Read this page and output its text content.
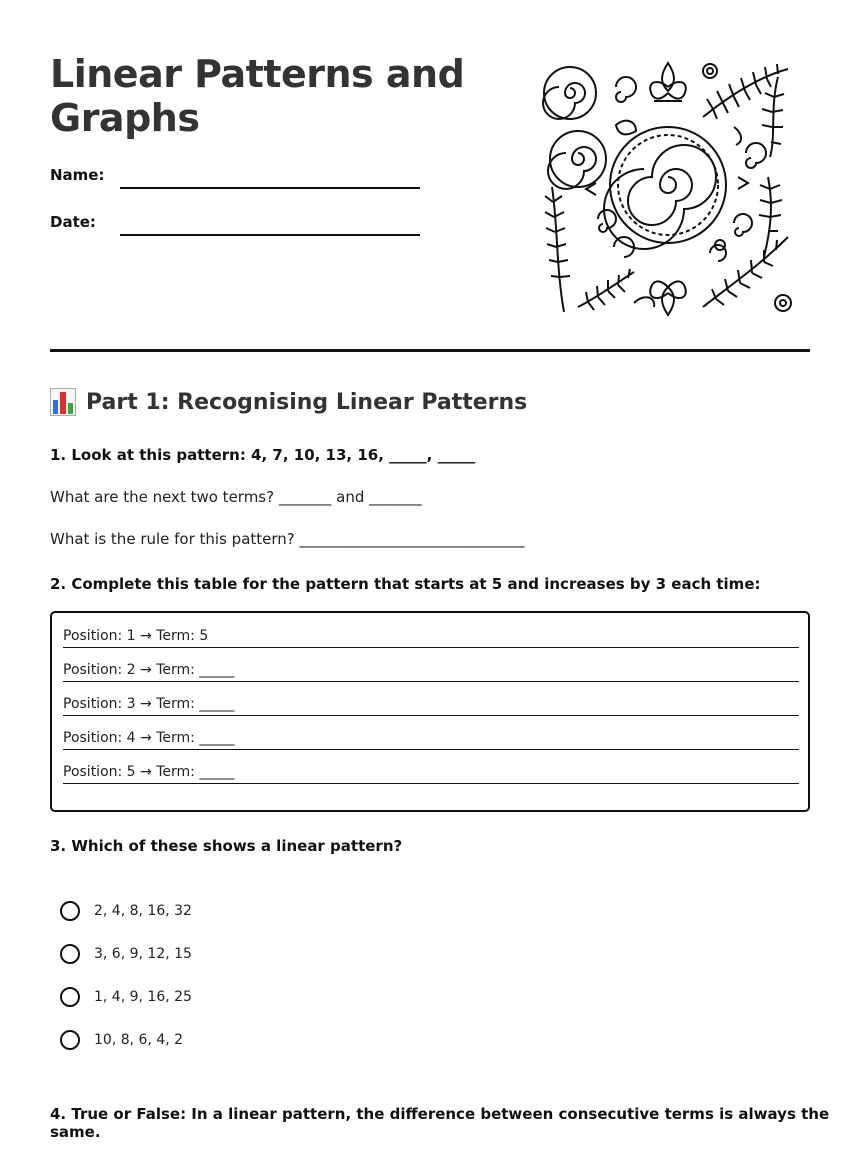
Linear Patterns and Graphs
Name:
Date:
Part 1: Recognising Linear Patterns

1. Look at this pattern: 4, 7, 10, 13, 16, _____, _____

What are the next two terms? _______ and _______

What is the rule for this pattern? ______________________________

2. Complete this table for the pattern that starts at 5 and increases by 3 each time:

Position: 1 → Term: 5
Position: 2 → Term: _____
Position: 3 → Term: _____
Position: 4 → Term: _____
Position: 5 → Term: _____

3. Which of these shows a linear pattern?

2, 4, 8, 16, 32
3, 6, 9, 12, 15
1, 4, 9, 16, 25
10, 8, 6, 4, 2

4. True or False: In a linear pattern, the difference between consecutive terms is always the same.
